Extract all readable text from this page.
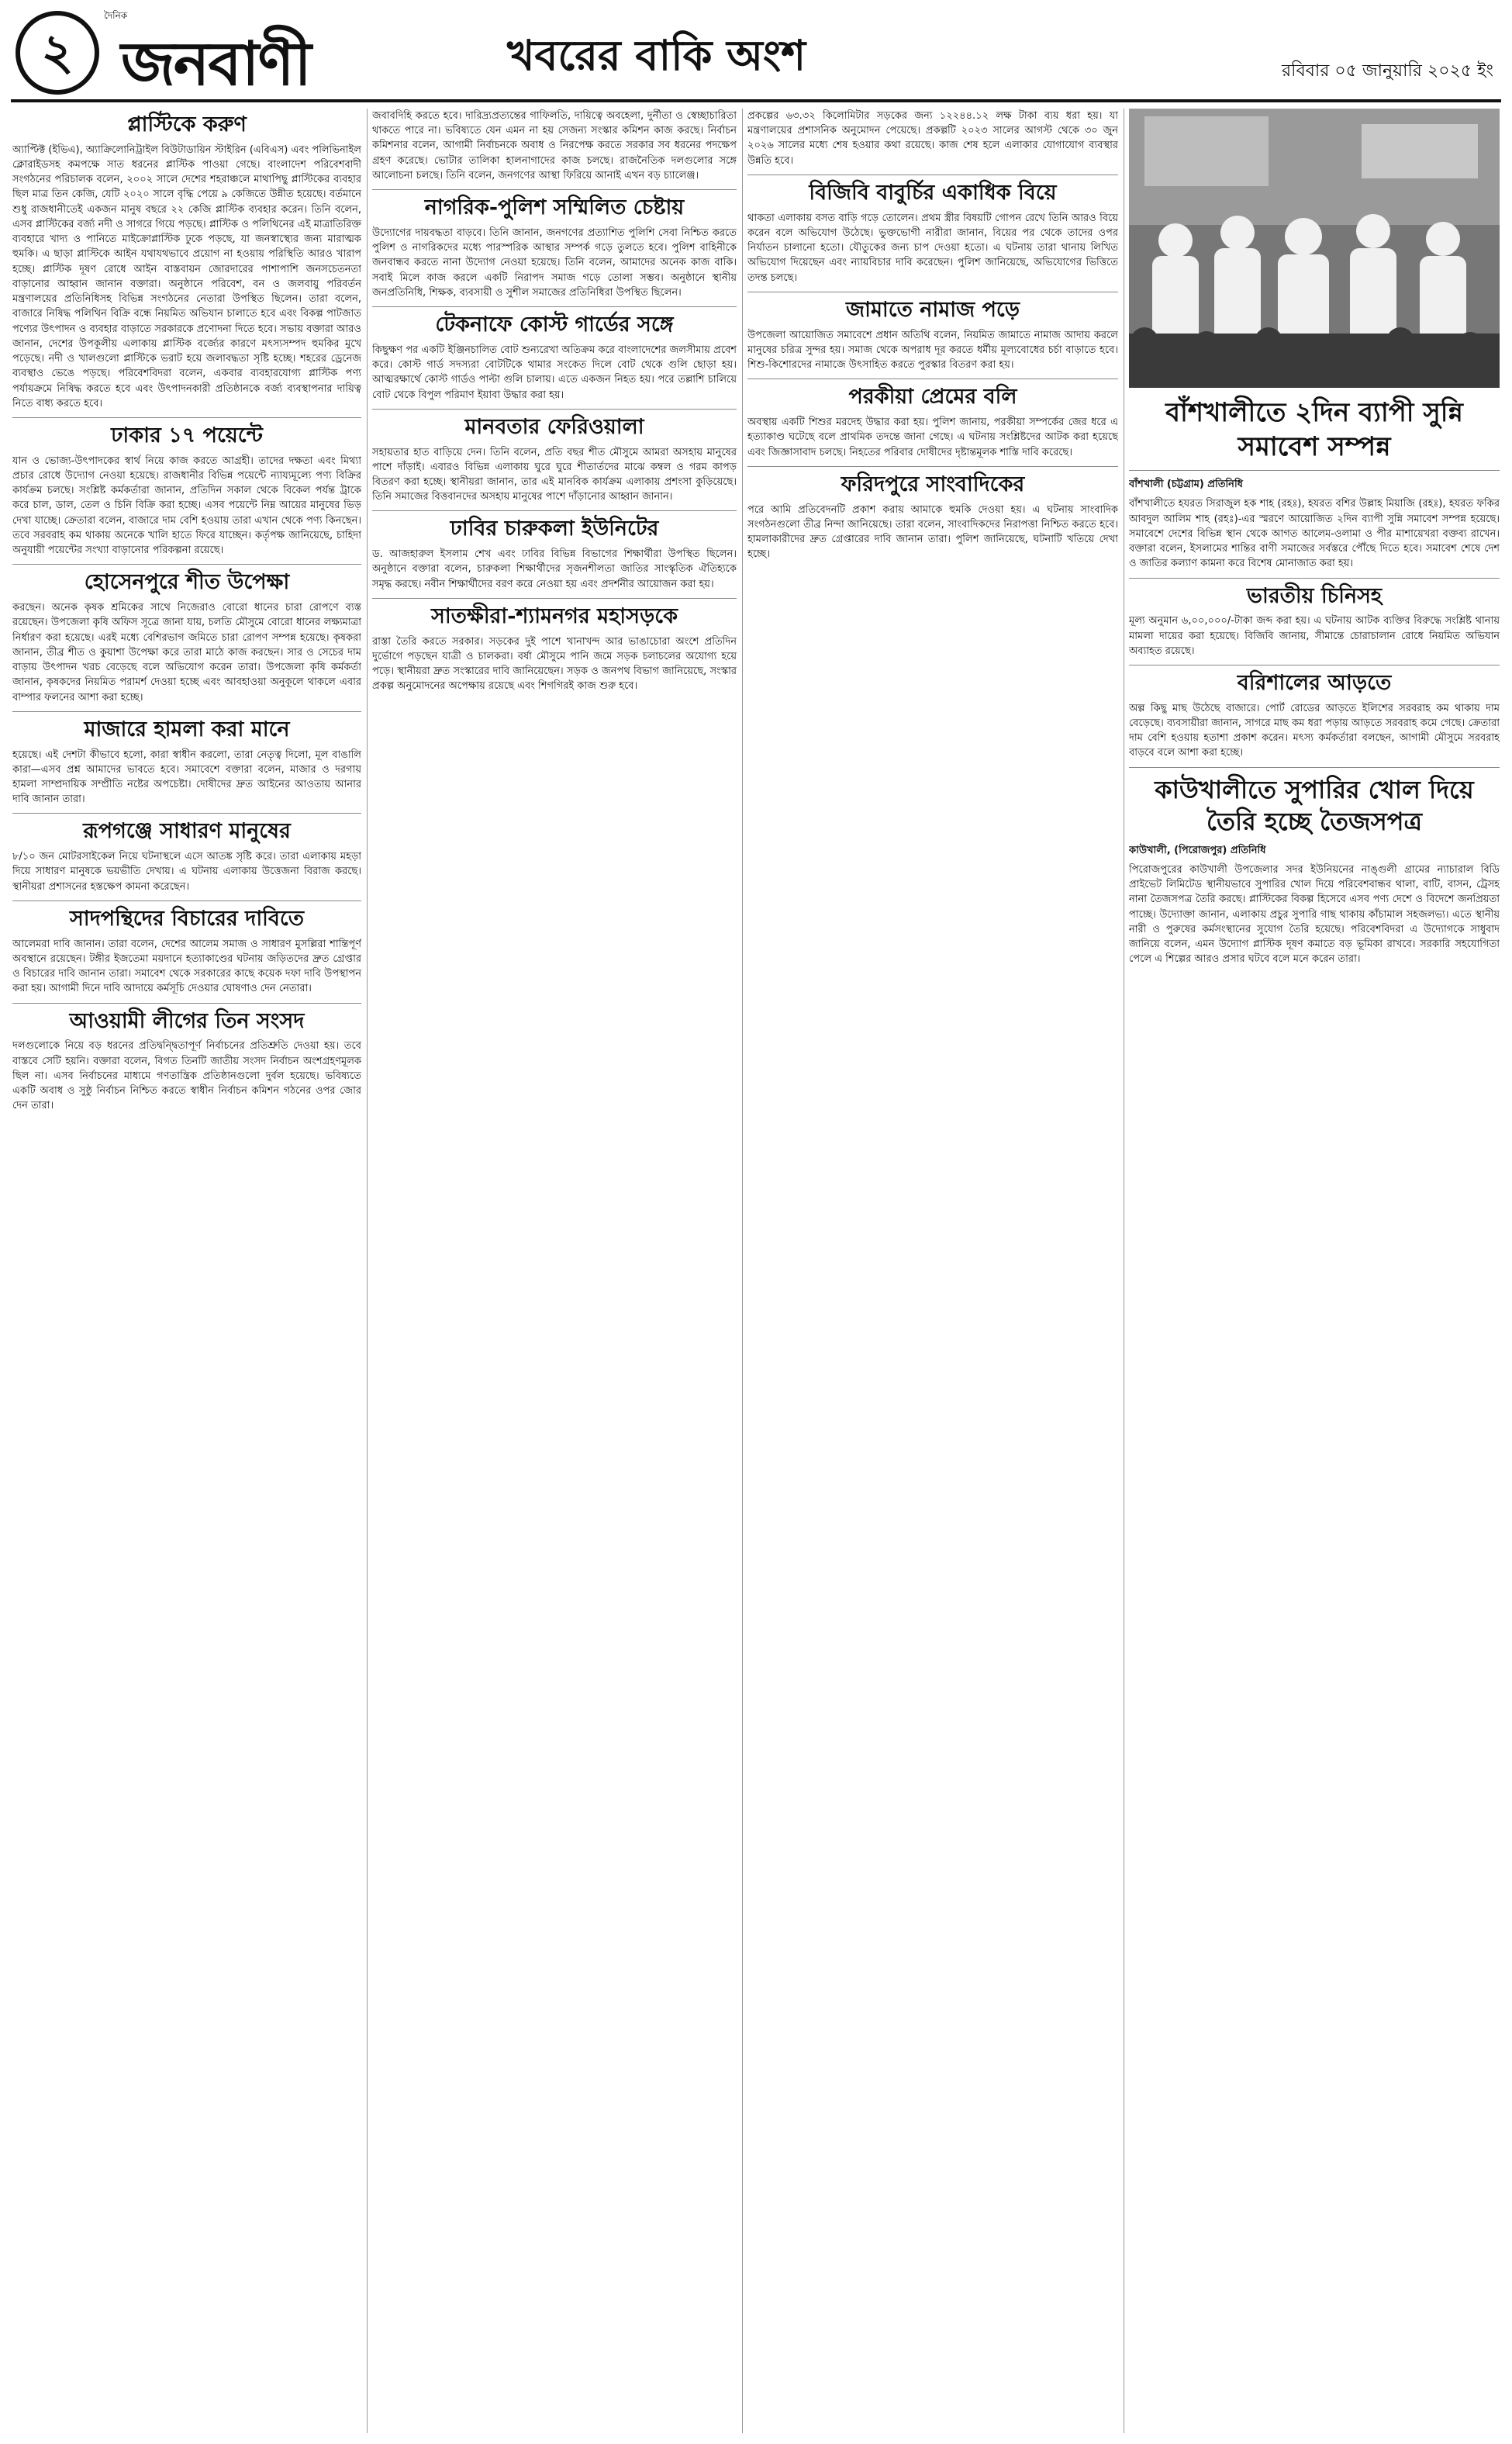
২
দৈনিক
জনবাণী	খবরের বাকি অংশ	রবিবার ০৫ জানুয়ারি ২০২৫ ইং
প্লাস্টিকে করুণ

অ্যাপ্টিক্ট (ইভিএ), অ্যাক্রিলোনিট্রাইল বিউটাডায়িন স্টাইরিন (এবিএস) এবং পলিভিনাইল ক্লোরাইডসহ কমপক্ষে সাত ধরনের প্লাস্টিক পাওয়া গেছে। বাংলাদেশ পরিবেশবাদী সংগঠনের পরিচালক বলেন, ২০০২ সালে দেশের শহরাঞ্চলে মাথাপিছু প্লাস্টিকের ব্যবহার ছিল মাত্র তিন কেজি, যেটি ২০২০ সালে বৃদ্ধি পেয়ে ৯ কেজিতে উন্নীত হয়েছে। বর্তমানে শুধু রাজধানীতেই একজন মানুষ বছরে ২২ কেজি প্লাস্টিক ব্যবহার করেন। তিনি বলেন, এসব প্লাস্টিকের বর্জ্য নদী ও সাগরে গিয়ে পড়ছে। প্লাস্টিক ও পলিথিনের এই মাত্রাতিরিক্ত ব্যবহারে খাদ্য ও পানিতে মাইক্রোপ্লাস্টিক ঢুকে পড়ছে, যা জনস্বাস্থ্যের জন্য মারাত্মক হুমকি। এ ছাড়া প্লাস্টিকে আইন যথাযথভাবে প্রয়োগ না হওয়ায় পরিস্থিতি আরও খারাপ হচ্ছে। প্লাস্টিক দূষণ রোধে আইন বাস্তবায়ন জোরদারের পাশাপাশি জনসচেতনতা বাড়ানোর আহ্বান জানান বক্তারা। অনুষ্ঠানে পরিবেশ, বন ও জলবায়ু পরিবর্তন মন্ত্রণালয়ের প্রতিনিধিসহ বিভিন্ন সংগঠনের নেতারা উপস্থিত ছিলেন। তারা বলেন, বাজারে নিষিদ্ধ পলিথিন বিক্রি বন্ধে নিয়মিত অভিযান চালাতে হবে এবং বিকল্প পাটজাত পণ্যের উৎপাদন ও ব্যবহার বাড়াতে সরকারকে প্রণোদনা দিতে হবে। সভায় বক্তারা আরও জানান, দেশের উপকূলীয় এলাকায় প্লাস্টিক বর্জ্যের কারণে মৎস্যসম্পদ হুমকির মুখে পড়েছে। নদী ও খালগুলো প্লাস্টিকে ভরাট হয়ে জলাবদ্ধতা সৃষ্টি হচ্ছে। শহরের ড্রেনেজ ব্যবস্থাও ভেঙে পড়ছে। পরিবেশবিদরা বলেন, একবার ব্যবহারযোগ্য প্লাস্টিক পণ্য পর্যায়ক্রমে নিষিদ্ধ করতে হবে এবং উৎপাদনকারী প্রতিষ্ঠানকে বর্জ্য ব্যবস্থাপনার দায়িত্ব নিতে বাধ্য করতে হবে।

ঢাকার ১৭ পয়েন্টে

যান ও ভোজ্য-উৎপাদকের স্বার্থ নিয়ে কাজ করতে আগ্রহী। তাদের দক্ষতা এবং মিথ্যা প্রচার রোধে উদ্যোগ নেওয়া হয়েছে। রাজধানীর বিভিন্ন পয়েন্টে ন্যায্যমূল্যে পণ্য বিক্রির কার্যক্রম চলছে। সংশ্লিষ্ট কর্মকর্তারা জানান, প্রতিদিন সকাল থেকে বিকেল পর্যন্ত ট্রাকে করে চাল, ডাল, তেল ও চিনি বিক্রি করা হচ্ছে। এসব পয়েন্টে নিম্ন আয়ের মানুষের ভিড় দেখা যাচ্ছে। ক্রেতারা বলেন, বাজারে দাম বেশি হওয়ায় তারা এখান থেকে পণ্য কিনছেন। তবে সরবরাহ কম থাকায় অনেকে খালি হাতে ফিরে যাচ্ছেন। কর্তৃপক্ষ জানিয়েছে, চাহিদা অনুযায়ী পয়েন্টের সংখ্যা বাড়ানোর পরিকল্পনা রয়েছে।

হোসেনপুরে শীত উপেক্ষা

করছেন। অনেক কৃষক শ্রমিকের সাথে নিজেরাও বোরো ধানের চারা রোপণে ব্যস্ত রয়েছেন। উপজেলা কৃষি অফিস সূত্রে জানা যায়, চলতি মৌসুমে বোরো ধানের লক্ষ্যমাত্রা নির্ধারণ করা হয়েছে। এরই মধ্যে বেশিরভাগ জমিতে চারা রোপণ সম্পন্ন হয়েছে। কৃষকরা জানান, তীব্র শীত ও কুয়াশা উপেক্ষা করে তারা মাঠে কাজ করছেন। সার ও সেচের দাম বাড়ায় উৎপাদন খরচ বেড়েছে বলে অভিযোগ করেন তারা। উপজেলা কৃষি কর্মকর্তা জানান, কৃষকদের নিয়মিত পরামর্শ দেওয়া হচ্ছে এবং আবহাওয়া অনুকূলে থাকলে এবার বাম্পার ফলনের আশা করা হচ্ছে।

মাজারে হামলা করা মানে

হয়েছে। এই দেশটা কীভাবে হলো, কারা স্বাধীন করলো, তারা নেতৃত্ব দিলো, মূল বাঙালি কারা—এসব প্রশ্ন আমাদের ভাবতে হবে। সমাবেশে বক্তারা বলেন, মাজার ও দরগায় হামলা সাম্প্রদায়িক সম্প্রীতি নষ্টের অপচেষ্টা। দোষীদের দ্রুত আইনের আওতায় আনার দাবি জানান তারা।

রূপগঞ্জে সাধারণ মানুষের

৮/১০ জন মোটরসাইকেল নিয়ে ঘটনাস্থলে এসে আতঙ্ক সৃষ্টি করে। তারা এলাকায় মহড়া দিয়ে সাধারণ মানুষকে ভয়ভীতি দেখায়। এ ঘটনায় এলাকায় উত্তেজনা বিরাজ করছে। স্থানীয়রা প্রশাসনের হস্তক্ষেপ কামনা করেছেন।

সাদপন্থিদের বিচারের দাবিতে

আলেমরা দাবি জানান। তারা বলেন, দেশের আলেম সমাজ ও সাধারণ মুসল্লিরা শান্তিপূর্ণ অবস্থানে রয়েছেন। টঙ্গীর ইজতেমা ময়দানে হত্যাকাণ্ডের ঘটনায় জড়িতদের দ্রুত গ্রেপ্তার ও বিচারের দাবি জানান তারা। সমাবেশ থেকে সরকারের কাছে কয়েক দফা দাবি উপস্থাপন করা হয়। আগামী দিনে দাবি আদায়ে কর্মসূচি দেওয়ার ঘোষণাও দেন নেতারা।

আওয়ামী লীগের তিন সংসদ

দলগুলোকে নিয়ে বড় ধরনের প্রতিদ্বন্দ্বিতাপূর্ণ নির্বাচনের প্রতিশ্রুতি দেওয়া হয়। তবে বাস্তবে সেটি হয়নি। বক্তারা বলেন, বিগত তিনটি জাতীয় সংসদ নির্বাচন অংশগ্রহণমূলক ছিল না। এসব নির্বাচনের মাধ্যমে গণতান্ত্রিক প্রতিষ্ঠানগুলো দুর্বল হয়েছে। ভবিষ্যতে একটি অবাধ ও সুষ্ঠু নির্বাচন নিশ্চিত করতে স্বাধীন নির্বাচন কমিশন গঠনের ওপর জোর দেন তারা।

জবাবদিহি করতে হবে। দারিদ্র্যপ্রত্যন্তের গাফিলতি, দায়িত্বে অবহেলা, দুর্নীতা ও স্বেচ্ছাচারিতা থাকতে পারে না। ভবিষ্যতে যেন এমন না হয় সেজন্য সংস্কার কমিশন কাজ করছে। নির্বাচন কমিশনার বলেন, আগামী নির্বাচনকে অবাধ ও নিরপেক্ষ করতে সরকার সব ধরনের পদক্ষেপ গ্রহণ করেছে। ভোটার তালিকা হালনাগাদের কাজ চলছে। রাজনৈতিক দলগুলোর সঙ্গে আলোচনা চলছে। তিনি বলেন, জনগণের আস্থা ফিরিয়ে আনাই এখন বড় চ্যালেঞ্জ।

নাগরিক-পুলিশ সম্মিলিত চেষ্টায়

উদ্যোগের দায়বদ্ধতা বাড়বে। তিনি জানান, জনগণের প্রত্যাশিত পুলিশি সেবা নিশ্চিত করতে পুলিশ ও নাগরিকদের মধ্যে পারস্পরিক আস্থার সম্পর্ক গড়ে তুলতে হবে। পুলিশ বাহিনীকে জনবান্ধব করতে নানা উদ্যোগ নেওয়া হয়েছে। তিনি বলেন, আমাদের অনেক কাজ বাকি। সবাই মিলে কাজ করলে একটি নিরাপদ সমাজ গড়ে তোলা সম্ভব। অনুষ্ঠানে স্থানীয় জনপ্রতিনিধি, শিক্ষক, ব্যবসায়ী ও সুশীল সমাজের প্রতিনিধিরা উপস্থিত ছিলেন।

টেকনাফে কোস্ট গার্ডের সঙ্গে

কিছুক্ষণ পর একটি ইঞ্জিনচালিত বোট শুন্যরেখা অতিক্রম করে বাংলাদেশের জলসীমায় প্রবেশ করে। কোস্ট গার্ড সদস্যরা বোটটিকে থামার সংকেত দিলে বোট থেকে গুলি ছোড়া হয়। আত্মরক্ষার্থে কোস্ট গার্ডও পাল্টা গুলি চালায়। এতে একজন নিহত হয়। পরে তল্লাশি চালিয়ে বোট থেকে বিপুল পরিমাণ ইয়াবা উদ্ধার করা হয়।

মানবতার ফেরিওয়ালা

সহায়তার হাত বাড়িয়ে দেন। তিনি বলেন, প্রতি বছর শীত মৌসুমে আমরা অসহায় মানুষের পাশে দাঁড়াই। এবারও বিভিন্ন এলাকায় ঘুরে ঘুরে শীতার্তদের মাঝে কম্বল ও গরম কাপড় বিতরণ করা হচ্ছে। স্থানীয়রা জানান, তার এই মানবিক কার্যক্রম এলাকায় প্রশংসা কুড়িয়েছে। তিনি সমাজের বিত্তবানদের অসহায় মানুষের পাশে দাঁড়ানোর আহ্বান জানান।

ঢাবির চারুকলা ইউনিটের

ড. আজহারুল ইসলাম শেখ এবং ঢাবির বিভিন্ন বিভাগের শিক্ষার্থীরা উপস্থিত ছিলেন। অনুষ্ঠানে বক্তারা বলেন, চারুকলা শিক্ষার্থীদের সৃজনশীলতা জাতির সাংস্কৃতিক ঐতিহ্যকে সমৃদ্ধ করছে। নবীন শিক্ষার্থীদের বরণ করে নেওয়া হয় এবং প্রদর্শনীর আয়োজন করা হয়।

সাতক্ষীরা-শ্যামনগর মহাসড়কে

রাস্তা তৈরি করতে সরকার। সড়কের দুই পাশে খানাখন্দ আর ভাঙাচোরা অংশে প্রতিদিন দুর্ভোগে পড়ছেন যাত্রী ও চালকরা। বর্ষা মৌসুমে পানি জমে সড়ক চলাচলের অযোগ্য হয়ে পড়ে। স্থানীয়রা দ্রুত সংস্কারের দাবি জানিয়েছেন। সড়ক ও জনপথ বিভাগ জানিয়েছে, সংস্কার প্রকল্প অনুমোদনের অপেক্ষায় রয়েছে এবং শিগগিরই কাজ শুরু হবে।

প্রকল্পের ৬৩.৩২ কিলোমিটার সড়কের জন্য ১২২৪৪.১২ লক্ষ টাকা ব্যয় ধরা হয়। যা মন্ত্রণালয়ের প্রশাসনিক অনুমোদন পেয়েছে। প্রকল্পটি ২০২৩ সালের আগস্ট থেকে ৩০ জুন ২০২৬ সালের মধ্যে শেষ হওয়ার কথা রয়েছে। কাজ শেষ হলে এলাকার যোগাযোগ ব্যবস্থার উন্নতি হবে।

বিজিবি বাবুর্চির একাধিক বিয়ে

থাকতা এলাকায় বসত বাড়ি গড়ে তোলেন। প্রথম স্ত্রীর বিষয়টি গোপন রেখে তিনি আরও বিয়ে করেন বলে অভিযোগ উঠেছে। ভুক্তভোগী নারীরা জানান, বিয়ের পর থেকে তাদের ওপর নির্যাতন চালানো হতো। যৌতুকের জন্য চাপ দেওয়া হতো। এ ঘটনায় তারা থানায় লিখিত অভিযোগ দিয়েছেন এবং ন্যায়বিচার দাবি করেছেন। পুলিশ জানিয়েছে, অভিযোগের ভিত্তিতে তদন্ত চলছে।

জামাতে নামাজ পড়ে

উপজেলা আয়োজিত সমাবেশে প্রধান অতিথি বলেন, নিয়মিত জামাতে নামাজ আদায় করলে মানুষের চরিত্র সুন্দর হয়। সমাজ থেকে অপরাধ দূর করতে ধর্মীয় মূল্যবোধের চর্চা বাড়াতে হবে। শিশু-কিশোরদের নামাজে উৎসাহিত করতে পুরস্কার বিতরণ করা হয়।

পরকীয়া প্রেমের বলি

অবস্থায় একটি শিশুর মরদেহ উদ্ধার করা হয়। পুলিশ জানায়, পরকীয়া সম্পর্কের জের ধরে এ হত্যাকাণ্ড ঘটেছে বলে প্রাথমিক তদন্তে জানা গেছে। এ ঘটনায় সংশ্লিষ্টদের আটক করা হয়েছে এবং জিজ্ঞাসাবাদ চলছে। নিহতের পরিবার দোষীদের দৃষ্টান্তমূলক শাস্তি দাবি করেছে।

ফরিদপুরে সাংবাদিকের

পরে আমি প্রতিবেদনটি প্রকাশ করায় আমাকে হুমকি দেওয়া হয়। এ ঘটনায় সাংবাদিক সংগঠনগুলো তীব্র নিন্দা জানিয়েছে। তারা বলেন, সাংবাদিকদের নিরাপত্তা নিশ্চিত করতে হবে। হামলাকারীদের দ্রুত গ্রেপ্তারের দাবি জানান তারা। পুলিশ জানিয়েছে, ঘটনাটি খতিয়ে দেখা হচ্ছে।

বাঁশখালীতে ২দিন ব্যাপী সুন্নি সমাবেশ সম্পন্ন
বাঁশখালী (চট্টগ্রাম) প্রতিনিধি

বাঁশখালীতে হযরত সিরাজুল হক শাহ (রহঃ), হযরত বশির উল্লাহ মিয়াজি (রহঃ), হযরত ফকির আবদুল আলিম শাহ (রহঃ)-এর স্মরণে আয়োজিত ২দিন ব্যাপী সুন্নি সমাবেশ সম্পন্ন হয়েছে। সমাবেশে দেশের বিভিন্ন স্থান থেকে আগত আলেম-ওলামা ও পীর মাশায়েখরা বক্তব্য রাখেন। বক্তারা বলেন, ইসলামের শান্তির বাণী সমাজের সর্বস্তরে পৌঁছে দিতে হবে। সমাবেশ শেষে দেশ ও জাতির কল্যাণ কামনা করে বিশেষ মোনাজাত করা হয়।

ভারতীয় চিনিসহ

মূল্য অনুমান ৬,০০,০০০/-টাকা জব্দ করা হয়। এ ঘটনায় আটক ব্যক্তির বিরুদ্ধে সংশ্লিষ্ট থানায় মামলা দায়ের করা হয়েছে। বিজিবি জানায়, সীমান্তে চোরাচালান রোধে নিয়মিত অভিযান অব্যাহত রয়েছে।

বরিশালের আড়তে

অল্প কিছু মাছ উঠেছে বাজারে। পোর্ট রোডের আড়তে ইলিশের সরবরাহ কম থাকায় দাম বেড়েছে। ব্যবসায়ীরা জানান, সাগরে মাছ কম ধরা পড়ায় আড়তে সরবরাহ কমে গেছে। ক্রেতারা দাম বেশি হওয়ায় হতাশা প্রকাশ করেন। মৎস্য কর্মকর্তারা বলছেন, আগামী মৌসুমে সরবরাহ বাড়বে বলে আশা করা হচ্ছে।

কাউখালীতে সুপারির খোল দিয়ে তৈরি হচ্ছে তৈজসপত্র
কাউখালী, (পিরোজপুর) প্রতিনিধি

পিরোজপুরের কাউখালী উপজেলার সদর ইউনিয়নের নাঙ্গুলী গ্রামের ন্যাচারাল বিডি প্রাইভেট লিমিটেড স্থানীয়ভাবে সুপারির খোল দিয়ে পরিবেশবান্ধব থালা, বাটি, বাসন, ট্রেসহ নানা তৈজসপত্র তৈরি করছে। প্লাস্টিকের বিকল্প হিসেবে এসব পণ্য দেশে ও বিদেশে জনপ্রিয়তা পাচ্ছে। উদ্যোক্তা জানান, এলাকায় প্রচুর সুপারি গাছ থাকায় কাঁচামাল সহজলভ্য। এতে স্থানীয় নারী ও পুরুষের কর্মসংস্থানের সুযোগ তৈরি হয়েছে। পরিবেশবিদরা এ উদ্যোগকে সাধুবাদ জানিয়ে বলেন, এমন উদ্যোগ প্লাস্টিক দূষণ কমাতে বড় ভূমিকা রাখবে। সরকারি সহযোগিতা পেলে এ শিল্পের আরও প্রসার ঘটবে বলে মনে করেন তারা।
